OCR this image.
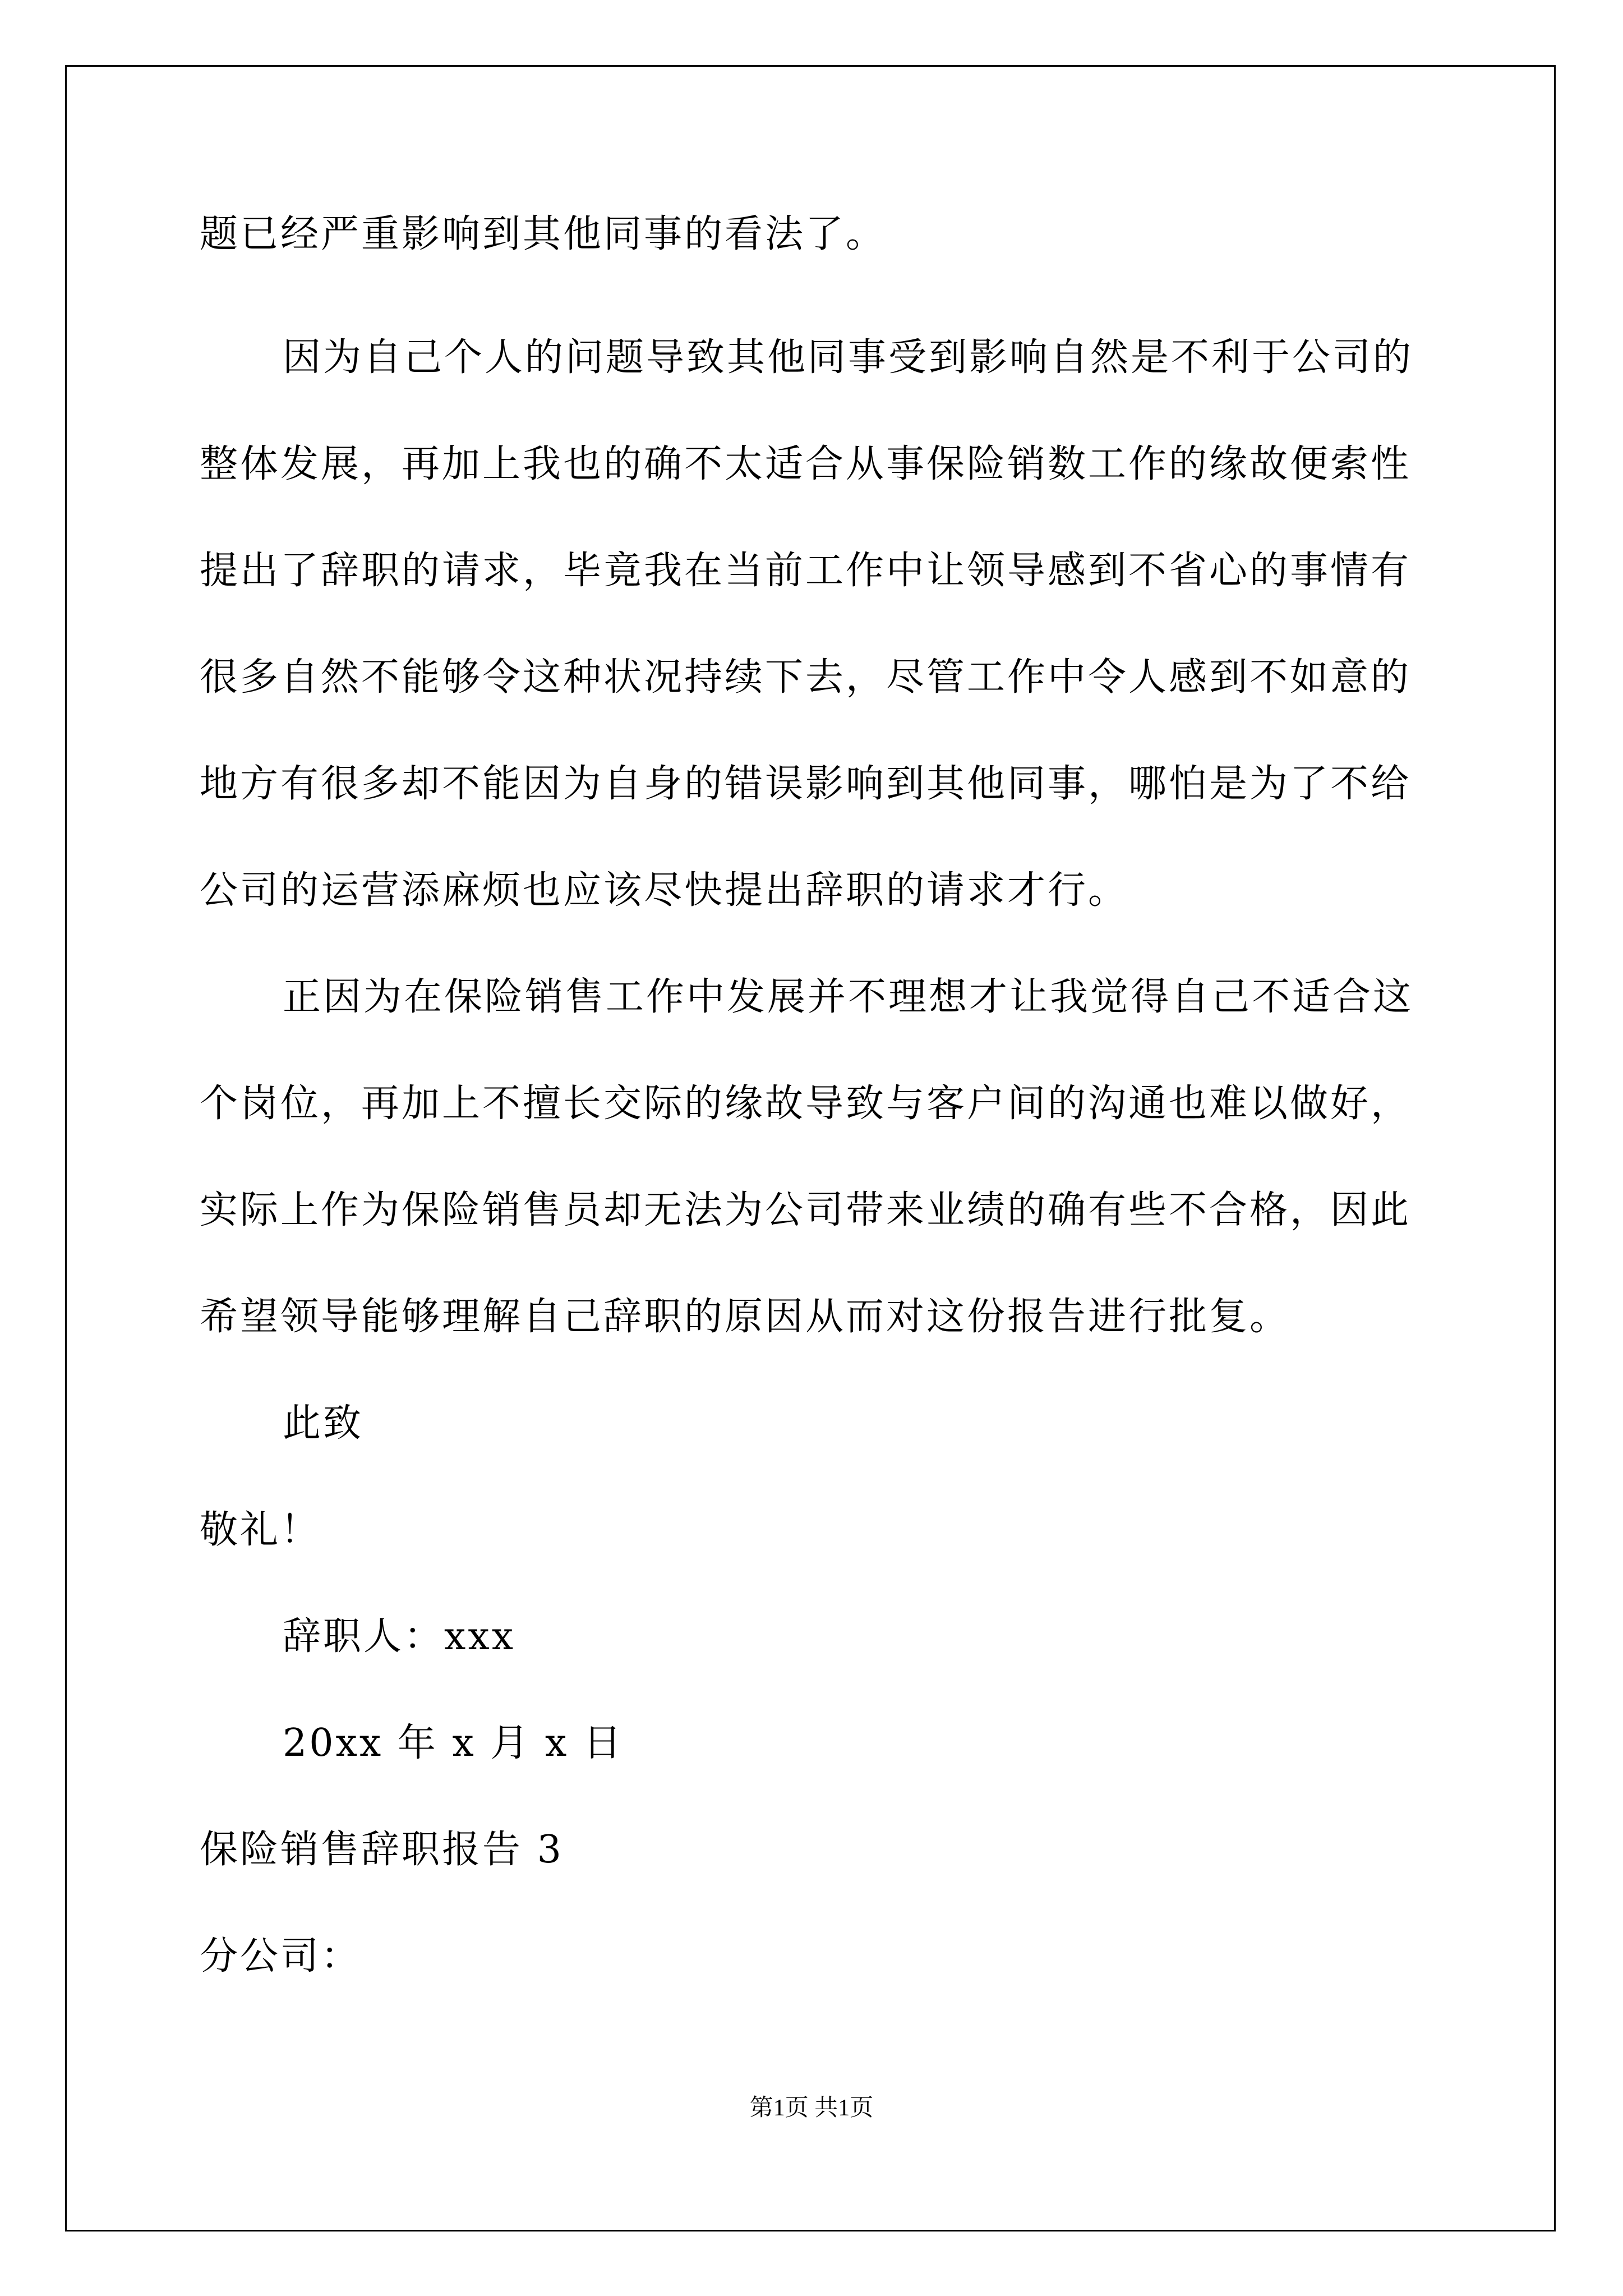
题已经严重影响到其他同事的看法了。
因为自己个人的问题导致其他同事受到影响自然是不利于公司的
整体发展，再加上我也的确不太适合从事保险销数工作的缘故便索性
提出了辞职的请求，毕竟我在当前工作中让领导感到不省心的事情有
很多自然不能够令这种状况持续下去，尽管工作中令人感到不如意的
地方有很多却不能因为自身的错误影响到其他同事，哪怕是为了不给
公司的运营添麻烦也应该尽快提出辞职的请求才行。
正因为在保险销售工作中发展并不理想才让我觉得自己不适合这
个岗位，再加上不擅长交际的缘故导致与客户间的沟通也难以做好，
实际上作为保险销售员却无法为公司带来业绩的确有些不合格，因此
希望领导能够理解自己辞职的原因从而对这份报告进行批复。
此致
敬礼！
辞职人：xxx
20xx 年 x 月 x 日
保险销售辞职报告 3
分公司：
第1页 共1页
